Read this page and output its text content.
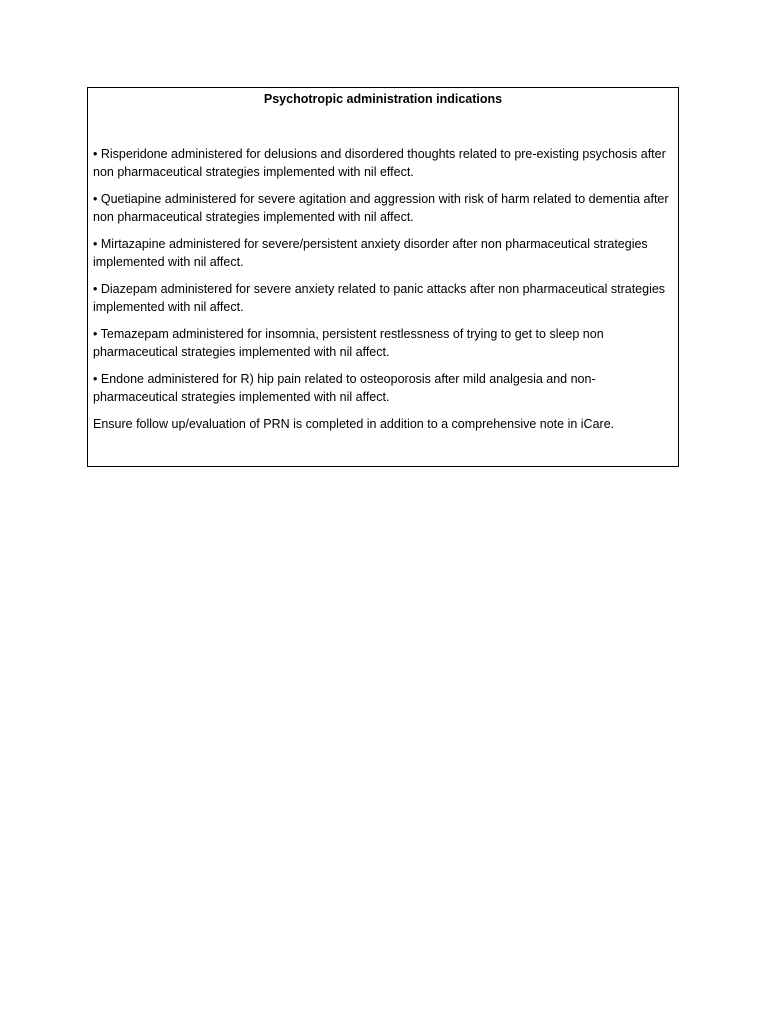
Psychotropic administration indications
• Risperidone administered for delusions and disordered thoughts related to pre-existing psychosis after non pharmaceutical strategies implemented with nil effect.
• Quetiapine administered for severe agitation and aggression with risk of harm related to dementia after non pharmaceutical strategies implemented with nil affect.
• Mirtazapine administered for severe/persistent anxiety disorder after non pharmaceutical strategies implemented with nil affect.
• Diazepam administered for severe anxiety related to panic attacks after non pharmaceutical strategies implemented with nil affect.
• Temazepam administered for insomnia, persistent restlessness of trying to get to sleep non pharmaceutical strategies implemented with nil affect.
• Endone administered for R) hip pain related to osteoporosis after mild analgesia and non-pharmaceutical strategies implemented with nil affect.

Ensure follow up/evaluation of PRN is completed in addition to a comprehensive note in iCare.
